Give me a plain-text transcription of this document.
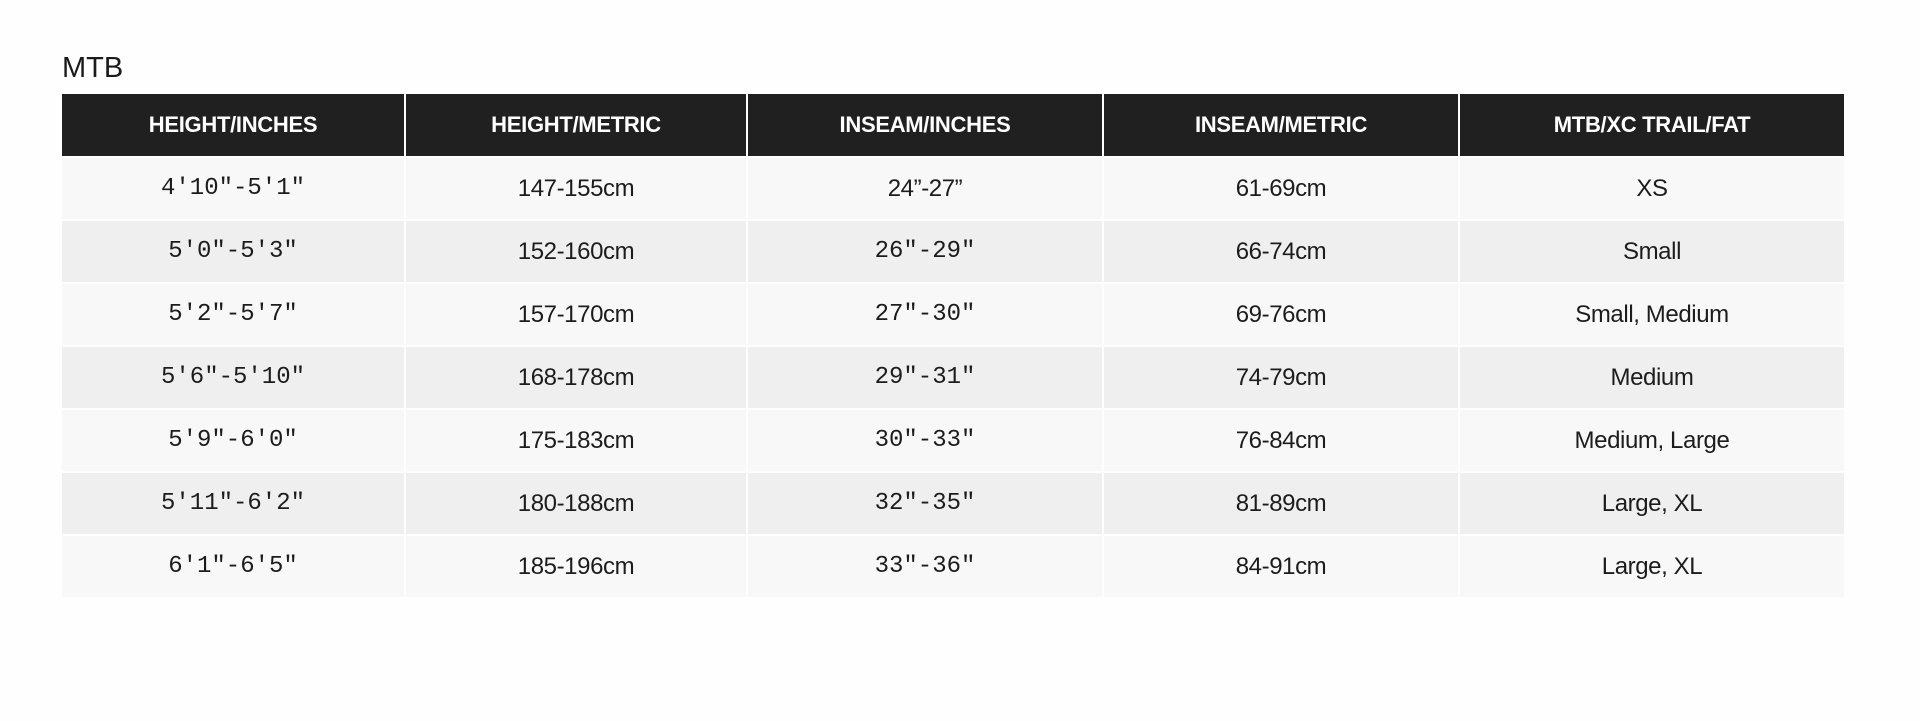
MTB
HEIGHT/INCHES	HEIGHT/METRIC	INSEAM/INCHES	INSEAM/METRIC	MTB/XC TRAIL/FAT
4'10"-5'1"	147-155cm	24”-27”	61-69cm	XS
5'0"-5'3"	152-160cm	26"-29"	66-74cm	Small
5'2"-5'7"	157-170cm	27"-30"	69-76cm	Small, Medium
5'6"-5'10"	168-178cm	29"-31"	74-79cm	Medium
5'9"-6'0"	175-183cm	30"-33"	76-84cm	Medium, Large
5'11"-6'2"	180-188cm	32"-35"	81-89cm	Large, XL
6'1"-6'5"	185-196cm	33"-36"	84-91cm	Large, XL
